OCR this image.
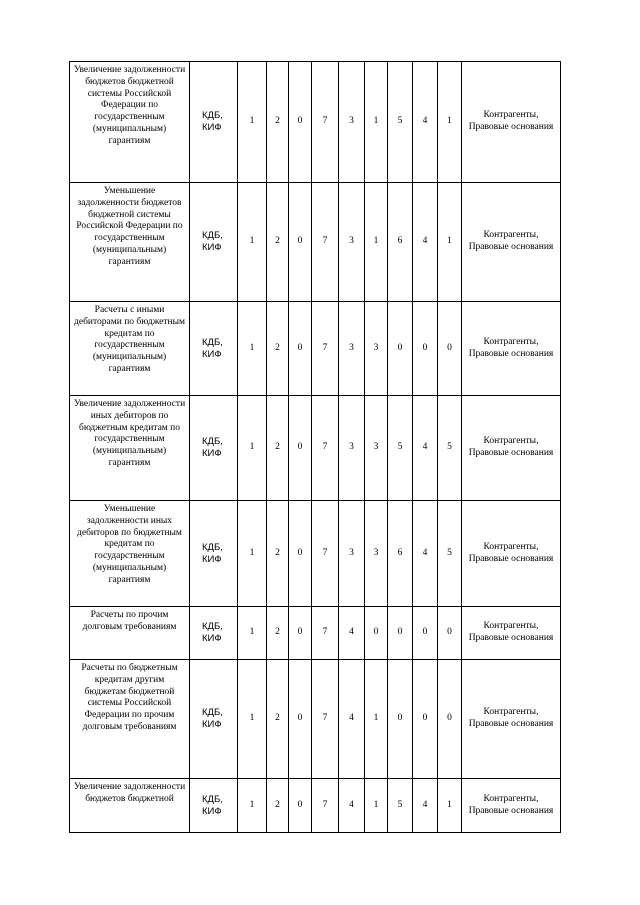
Увеличение задолженности бюджетов бюджетной системы Российской Федерации по государственным (муниципальным) гарантиям	КДБ,
КИФ	1	2	0	7	3	1	5	4	1	Контрагенты, Правовые основания
Уменьшение задолженности бюджетов бюджетной системы Российской Федерации по государственным (муниципальным) гарантиям	КДБ,
КИФ	1	2	0	7	3	1	6	4	1	Контрагенты, Правовые основания
Расчеты с иными дебиторами по бюджетным кредитам по государственным (муниципальным) гарантиям	КДБ,
КИФ	1	2	0	7	3	3	0	0	0	Контрагенты, Правовые основания
Увеличение задолженности иных дебиторов по бюджетным кредитам по государственным (муниципальным) гарантиям	КДБ,
КИФ	1	2	0	7	3	3	5	4	5	Контрагенты, Правовые основания
Уменьшение задолженности иных дебиторов по бюджетным кредитам по государственным (муниципальным) гарантиям	КДБ,
КИФ	1	2	0	7	3	3	6	4	5	Контрагенты, Правовые основания
Расчеты по прочим долговым требованиям	КДБ,
КИФ	1	2	0	7	4	0	0	0	0	Контрагенты, Правовые основания
Расчеты по бюджетным кредитам другим бюджетам бюджетной системы Российской Федерации по прочим долговым требованиям	КДБ,
КИФ	1	2	0	7	4	1	0	0	0	Контрагенты, Правовые основания
Увеличение задолженности бюджетов бюджетной	КДБ,
КИФ	1	2	0	7	4	1	5	4	1	Контрагенты, Правовые основания
